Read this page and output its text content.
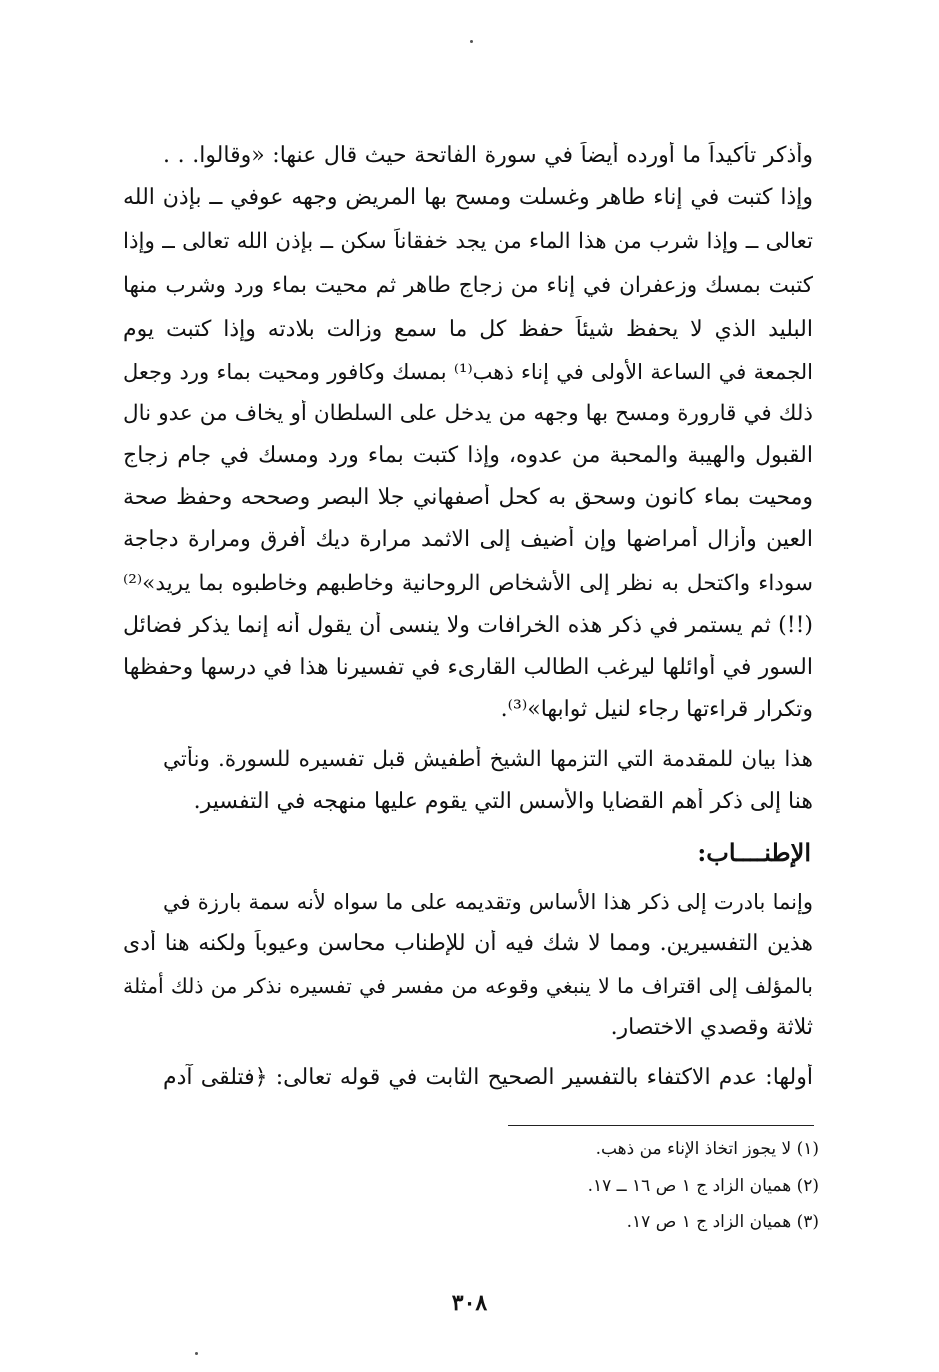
وأذكر تأكيداً ما أورده أيضاً في سورة الفاتحة حيث قال عنها: «وقالوا. . .
وإذا كتبت في إناء طاهر وغسلت ومسح بها المريض وجهه عوفي ــ بإذن الله
تعالى ــ وإذا شرب من هذا الماء من يجد خفقاناً سكن ــ بإذن الله تعالى ــ وإذا
كتبت بمسك وزعفران في إناء من زجاج طاهر ثم محيت بماء ورد وشرب منها
البليد الذي لا يحفظ شيئاً حفظ كل ما سمع وزالت بلادته وإذا كتبت يوم
الجمعة في الساعة الأولى في إناء ذهب⁽¹⁾ بمسك وكافور ومحيت بماء ورد وجعل
ذلك في قارورة ومسح بها وجهه من يدخل على السلطان أو يخاف من عدو نال
القبول والهيبة والمحبة من عدوه، وإذا كتبت بماء ورد ومسك في جام زجاج
ومحيت بماء كانون وسحق به كحل أصفهاني جلا البصر وصححه وحفظ صحة
العين وأزال أمراضها وإن أضيف إلى الاثمد مرارة ديك أفرق ومرارة دجاجة
سوداء واكتحل به نظر إلى الأشخاص الروحانية وخاطبهم وخاطبوه بما يريد»⁽²⁾
(!!) ثم يستمر في ذكر هذه الخرافات ولا ينسى أن يقول أنه إنما يذكر فضائل
السور في أوائلها ليرغب الطالب القارىء في تفسيرنا هذا في درسها وحفظها
وتكرار قراءتها رجاء لنيل ثوابها»⁽³⁾.
هذا بيان للمقدمة التي التزمها الشيخ أطفيش قبل تفسيره للسورة. ونأتي
هنا إلى ذكر أهم القضايا والأسس التي يقوم عليها منهجه في التفسير.
الإطنــــاب:
وإنما بادرت إلى ذكر هذا الأساس وتقديمه على ما سواه لأنه سمة بارزة في
هذين التفسيرين. ومما لا شك فيه أن للإطناب محاسن وعيوباً ولكنه هنا أدى
بالمؤلف إلى اقتراف ما لا ينبغي وقوعه من مفسر في تفسيره نذكر من ذلك أمثلة
ثلاثة وقصدي الاختصار.
أولها: عدم الاكتفاء بالتفسير الصحيح الثابت في قوله تعالى: ﴿فتلقى آدم
(١) لا يجوز اتخاذ الإناء من ذهب.
(٢) هميان الزاد ج ١ ص ١٦ ــ ١٧.
(٣) هميان الزاد ج ١ ص ١٧.
٣٠٨
